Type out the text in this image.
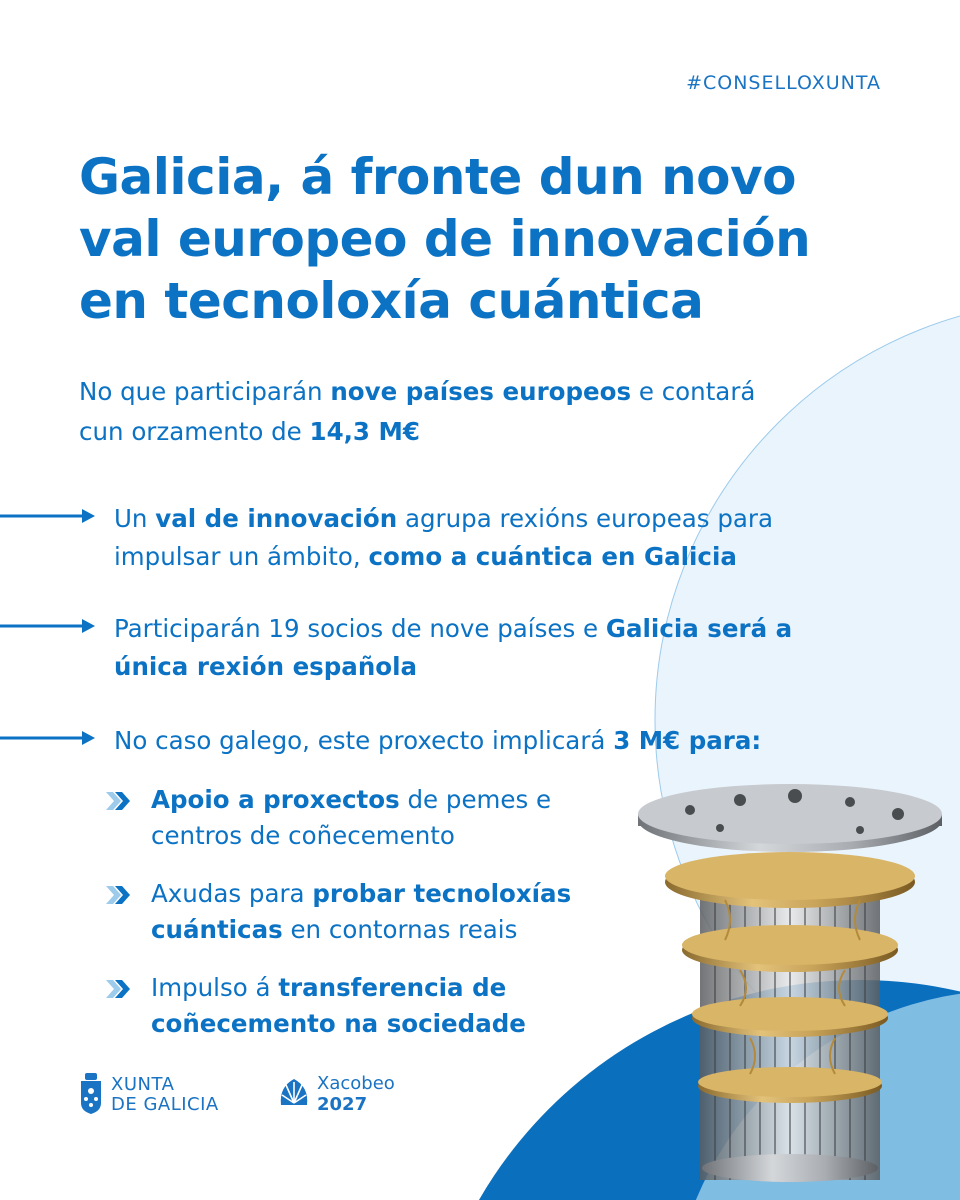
#CONSELLOXUNTA
Galicia, á fronte dun novo
val europeo de innovación
en tecnoloxía cuántica
No que participarán nove países europeos e contará
cun orzamento de 14,3 M€
Un val de innovación agrupa rexións europeas para
impulsar un ámbito, como a cuántica en Galicia
Participarán 19 socios de nove países e Galicia será a
única rexión española
No caso galego, este proxecto implicará 3 M€ para:
Apoio a proxectos de pemes e
centros de coñecemento
Axudas para probar tecnoloxías
cuánticas en contornas reais
Impulso á transferencia de
coñecemento na sociedade
XUNTA
DE GALICIA
Xacobeo
2027
